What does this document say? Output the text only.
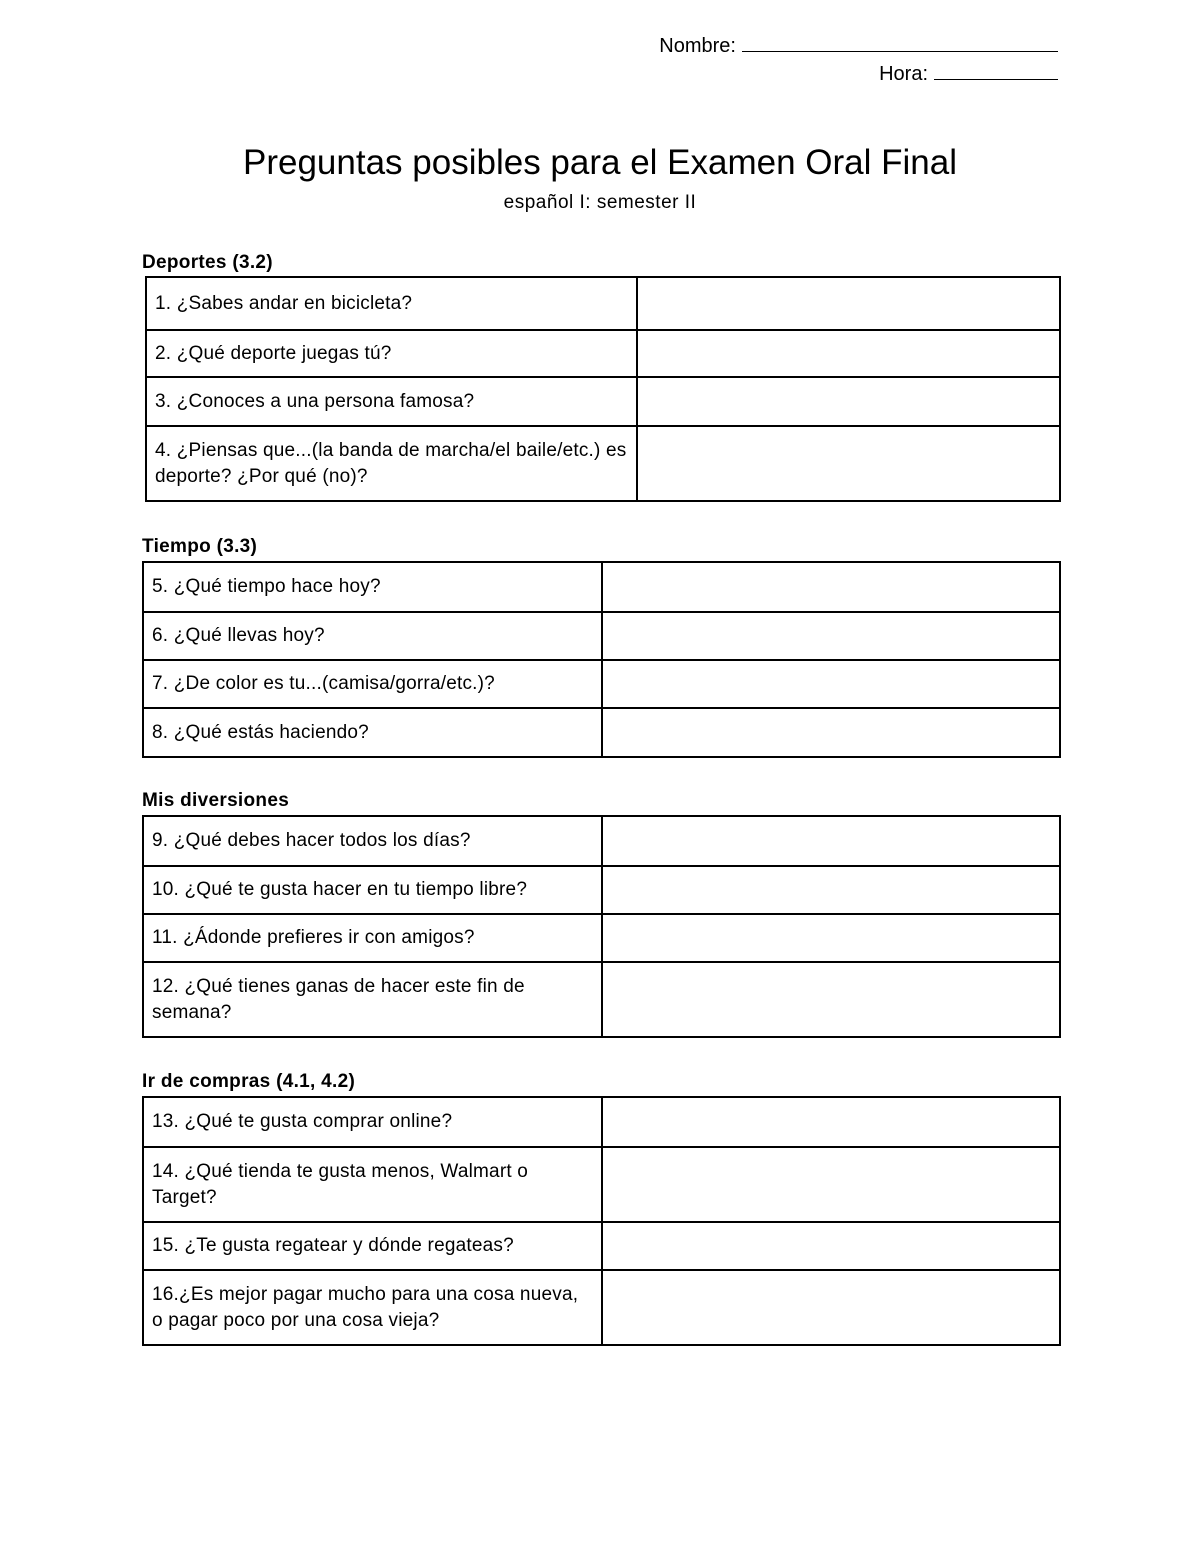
Nombre:
Hora:
Preguntas posibles para el Examen Oral Final
español I: semester II
Deportes (3.2)
1. ¿Sabes andar en bicicleta?	
2. ¿Qué deporte juegas tú?	
3. ¿Conoces a una persona famosa?	
4. ¿Piensas que...(la banda de marcha/el baile/etc.) es deporte? ¿Por qué (no)?	
Tiempo (3.3)
5. ¿Qué tiempo hace hoy?	
6. ¿Qué llevas hoy?	
7. ¿De color es tu...(camisa/gorra/etc.)?	
8. ¿Qué estás haciendo?	
Mis diversiones
9. ¿Qué debes hacer todos los días?	
10. ¿Qué te gusta hacer en tu tiempo libre?	
11. ¿Ádonde prefieres ir con amigos?	
12. ¿Qué tienes ganas de hacer este fin de semana?	
Ir de compras (4.1, 4.2)
13. ¿Qué te gusta comprar online?	
14. ¿Qué tienda te gusta menos, Walmart o Target?	
15. ¿Te gusta regatear y dónde regateas?	
16.¿Es mejor pagar mucho para una cosa nueva, o pagar poco por una cosa vieja?	
